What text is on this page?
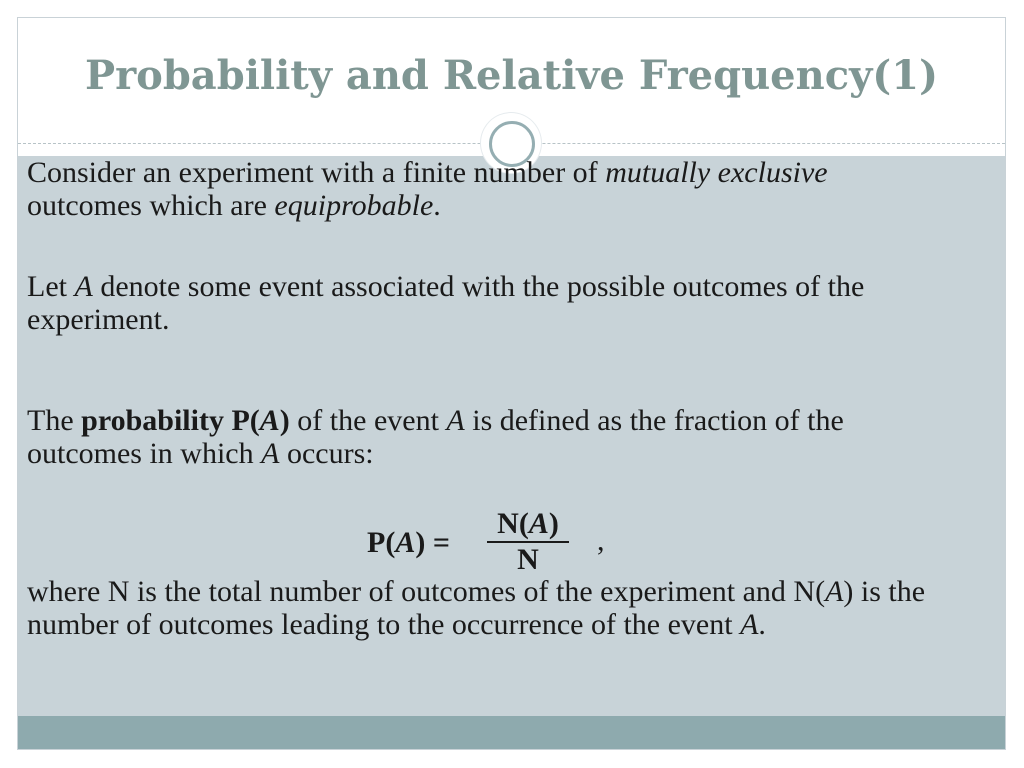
Probability and Relative Frequency(1)
Consider an experiment with a finite number of mutually exclusive outcomes which are equiprobable.
Let A denote some event associated with the possible outcomes of the experiment.
The probability P(A) of the event A is defined as the fraction of the outcomes in which A occurs:
P(A) =
N(A)
N
,
where N is the total number of outcomes of the experiment and N(A) is the number of outcomes leading to the occurrence of the event A.
